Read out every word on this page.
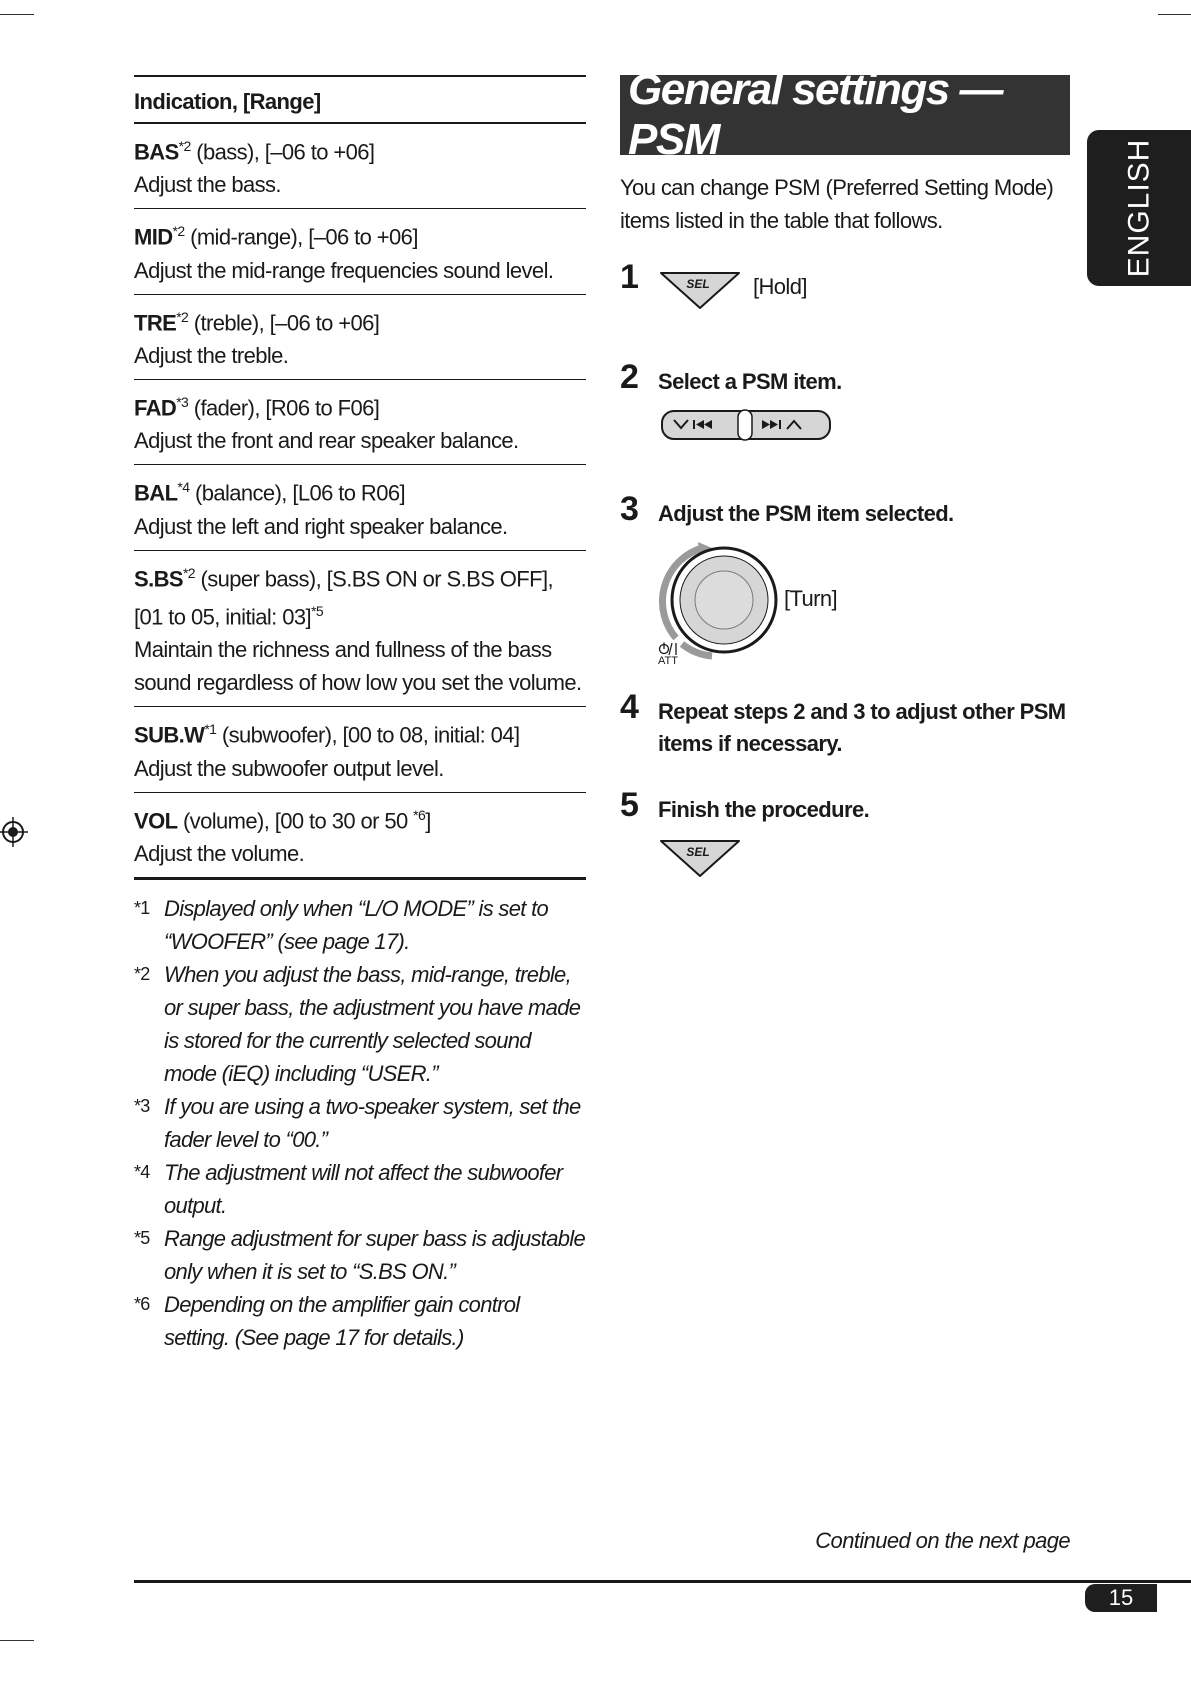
Indication, [Range]
BAS$^{*2}$ (bass), [–06 to +06]
Adjust the bass.
MID$^{*2}$ (mid-range), [–06 to +06]
Adjust the mid-range frequencies sound level.
TRE$^{*2}$ (treble), [–06 to +06]
Adjust the treble.
FAD$^{*3}$ (fader), [R06 to F06]
Adjust the front and rear speaker balance.
BAL$^{*4}$ (balance), [L06 to R06]
Adjust the left and right speaker balance.
S.BS$^{*2}$ (super bass), [S.BS ON or S.BS OFF],
[01 to 05, initial: 03]$^{*5}$
Maintain the richness and fullness of the bass sound regardless of how low you set the volume.
$SUB.W^{*1}$ (subwoofer), [00 to 08, initial: 04]
Adjust the subwoofer output level.
VOL (volume), [00 to 30 or 50 $^{*6}$]
Adjust the volume.
*1 Displayed only when “L/O MODE” is set to “WOOFER” (see page 17).
*2 When you adjust the bass, mid-range, treble, or super bass, the adjustment you have made is stored for the currently selected sound mode (iEQ) including “USER.”
*3 If you are using a two-speaker system, set the fader level to “00.”
*4 The adjustment will not affect the subwoofer output.
*5 Range adjustment for super bass is adjustable only when it is set to “S.BS ON.”
*6 Depending on the amplifier gain control setting. (See page 17 for details.)
General settings — PSM
You can change PSM (Preferred Setting Mode) items listed in the table that follows.
1	SEL [Hold]
2 Select a PSM item.
3 Adjust the PSM item selected.
ATT
[Turn]
4 Repeat steps 2 and 3 to adjust other PSM items if necessary.
5 Finish the procedure.
SEL
ENGLISH
Continued on the next page
15
